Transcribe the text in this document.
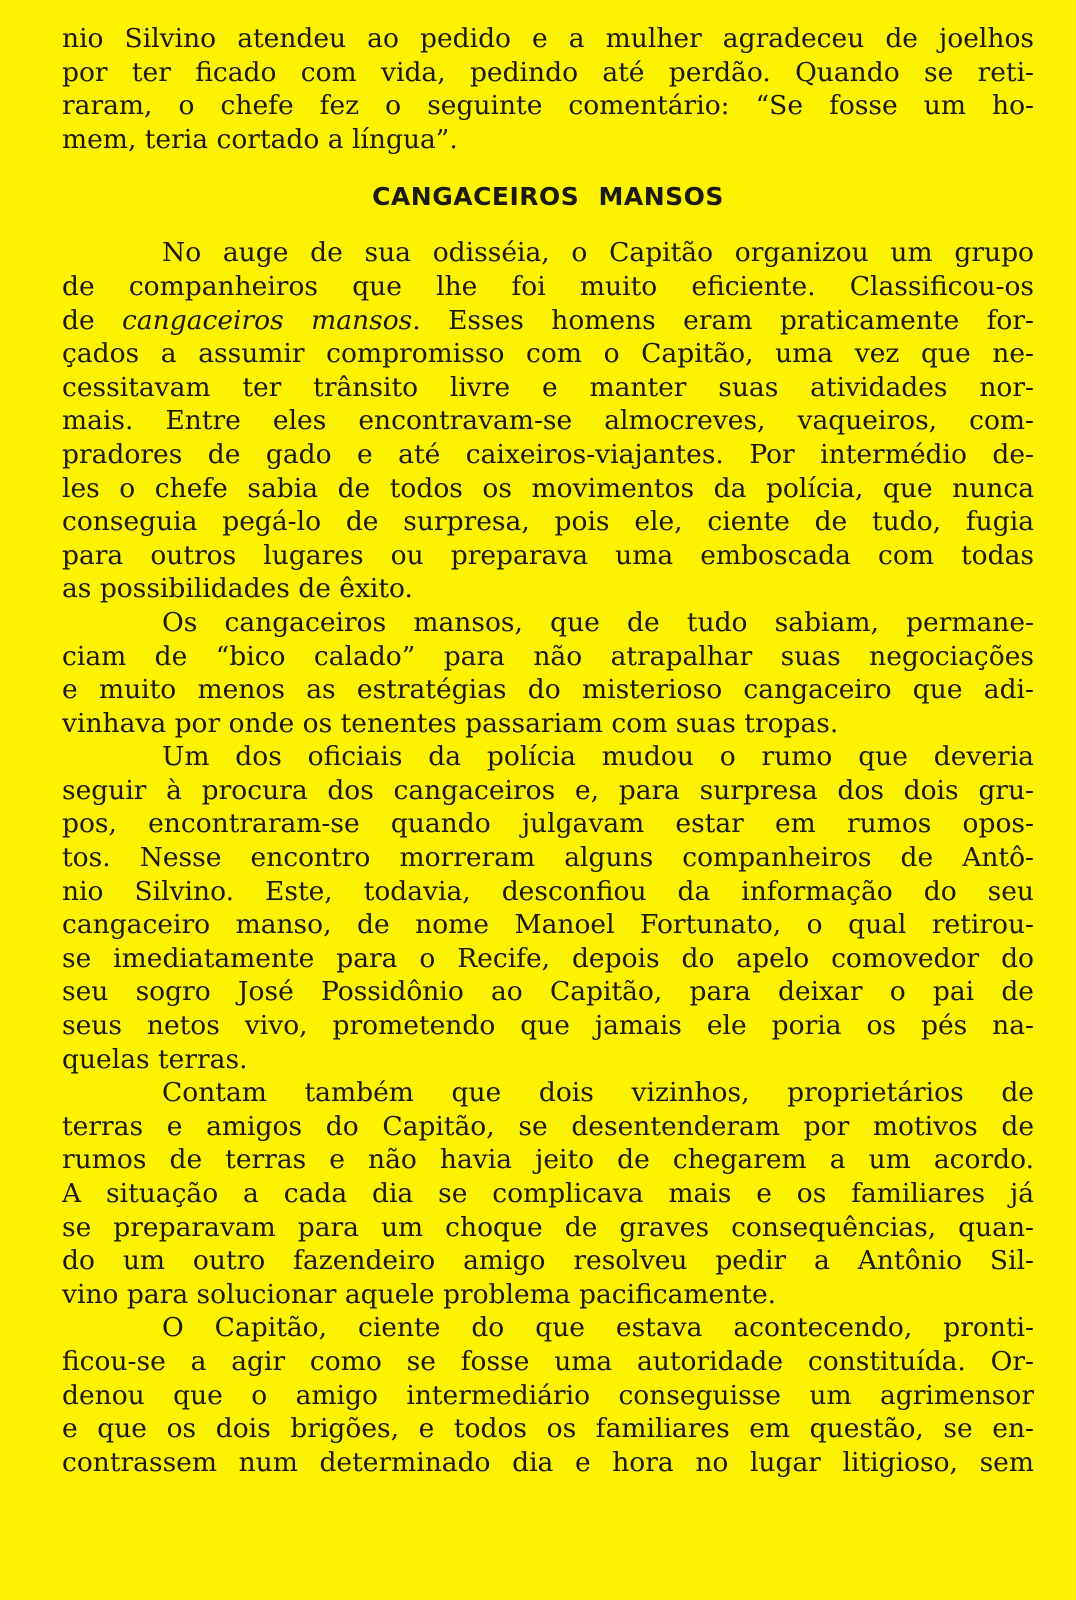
nio Silvino atendeu ao pedido e a mulher agradeceu de joelhos
por ter ficado com vida, pedindo até perdão. Quando se reti-
raram, o chefe fez o seguinte comentário: “Se fosse um ho-
mem, teria cortado a língua”.
CANGACEIROS MANSOS
No auge de sua odisséia, o Capitão organizou um grupo
de companheiros que lhe foi muito eficiente. Classificou-os
de cangaceiros mansos. Esses homens eram praticamente for-
çados a assumir compromisso com o Capitão, uma vez que ne-
cessitavam ter trânsito livre e manter suas atividades nor-
mais. Entre eles encontravam-se almocreves, vaqueiros, com-
pradores de gado e até caixeiros-viajantes. Por intermédio de-
les o chefe sabia de todos os movimentos da polícia, que nunca
conseguia pegá-lo de surpresa, pois ele, ciente de tudo, fugia
para outros lugares ou preparava uma emboscada com todas
as possibilidades de êxito.
Os cangaceiros mansos, que de tudo sabiam, permane-
ciam de “bico calado” para não atrapalhar suas negociações
e muito menos as estratégias do misterioso cangaceiro que adi-
vinhava por onde os tenentes passariam com suas tropas.
Um dos oficiais da polícia mudou o rumo que deveria
seguir à procura dos cangaceiros e, para surpresa dos dois gru-
pos, encontraram-se quando julgavam estar em rumos opos-
tos. Nesse encontro morreram alguns companheiros de Antô-
nio Silvino. Este, todavia, desconfiou da informação do seu
cangaceiro manso, de nome Manoel Fortunato, o qual retirou-
se imediatamente para o Recife, depois do apelo comovedor do
seu sogro José Possidônio ao Capitão, para deixar o pai de
seus netos vivo, prometendo que jamais ele poria os pés na-
quelas terras.
Contam também que dois vizinhos, proprietários de
terras e amigos do Capitão, se desentenderam por motivos de
rumos de terras e não havia jeito de chegarem a um acordo.
A situação a cada dia se complicava mais e os familiares já
se preparavam para um choque de graves consequências, quan-
do um outro fazendeiro amigo resolveu pedir a Antônio Sil-
vino para solucionar aquele problema pacificamente.
O Capitão, ciente do que estava acontecendo, pronti-
ficou-se a agir como se fosse uma autoridade constituída. Or-
denou que o amigo intermediário conseguisse um agrimensor
e que os dois brigões, e todos os familiares em questão, se en-
contrassem num determinado dia e hora no lugar litigioso, sem
